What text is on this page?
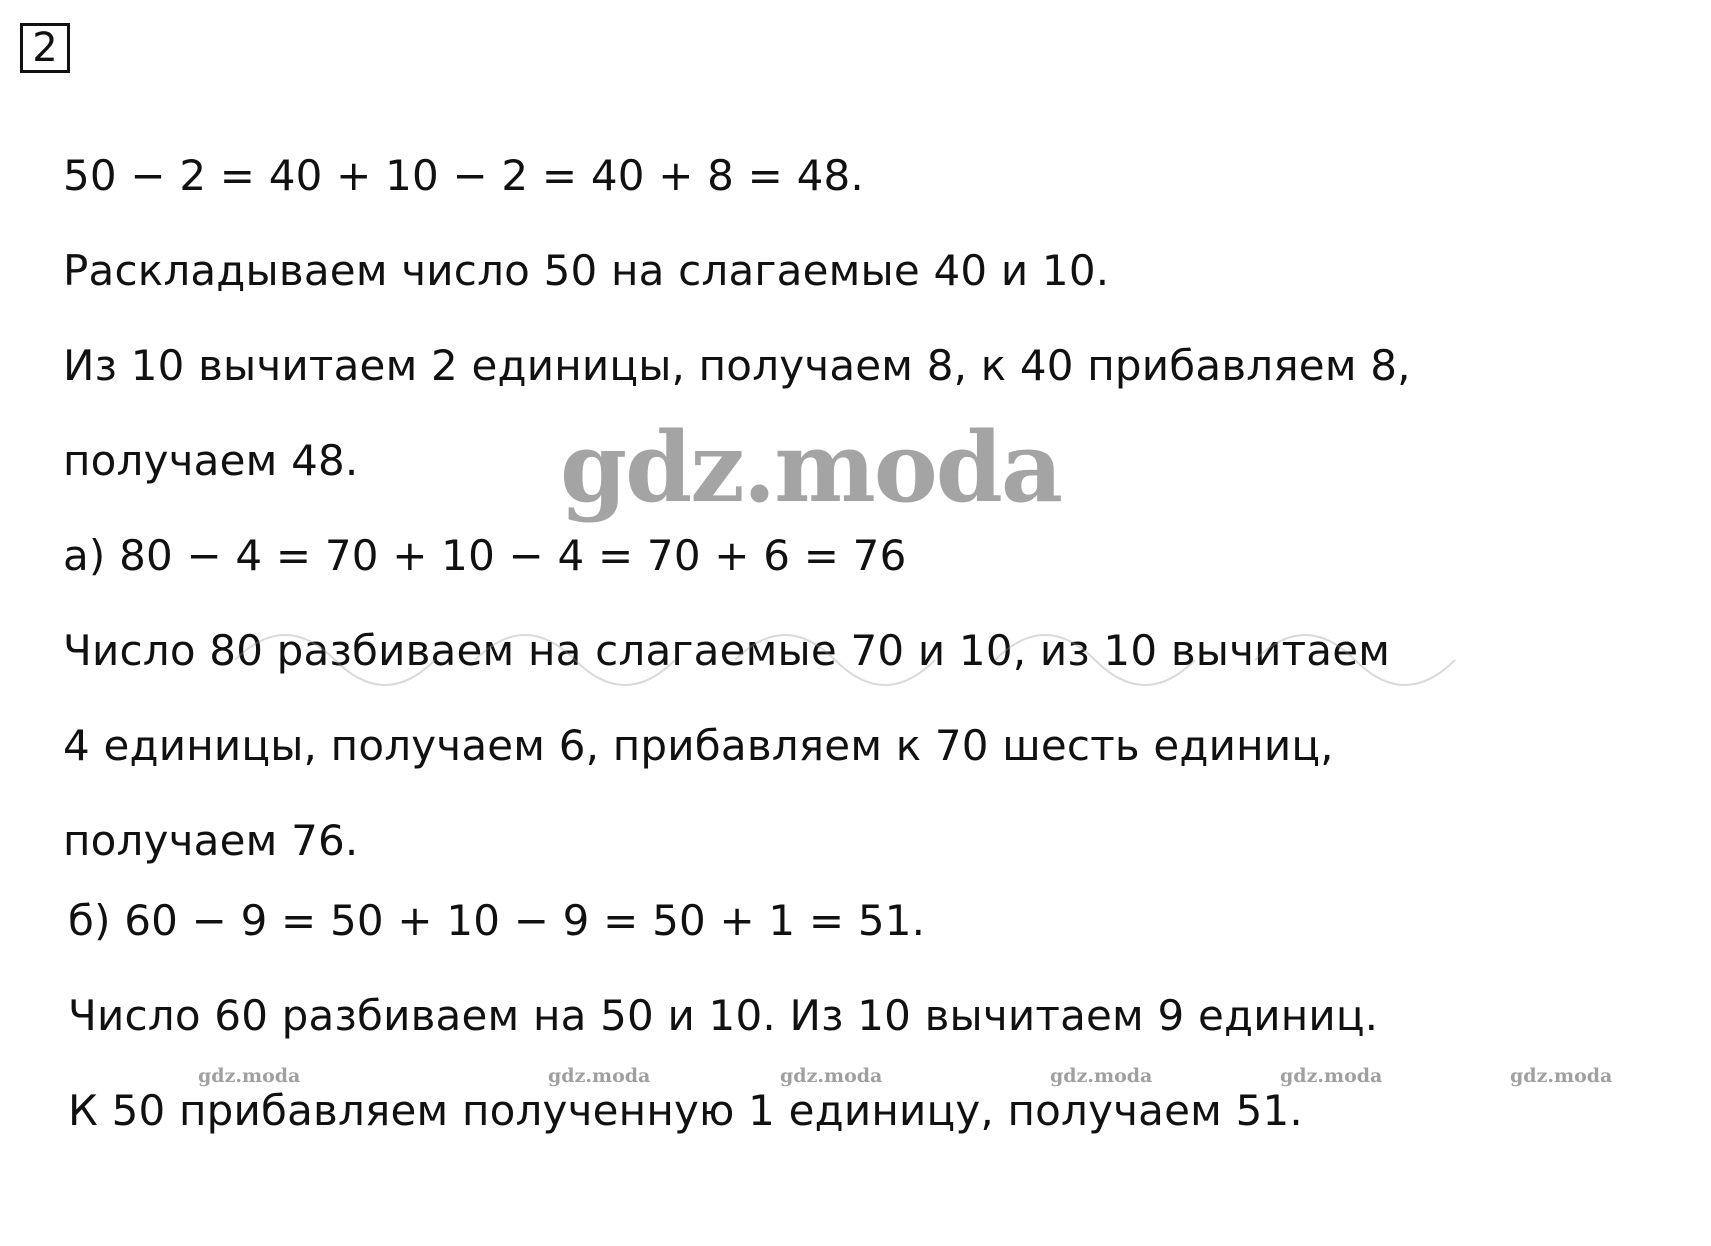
2
50 − 2 = 40 + 10 − 2 = 40 + 8 = 48.
Раскладываем число 50 на слагаемые 40 и 10.
Из 10 вычитаем 2 единицы, получаем 8, к 40 прибавляем 8,
получаем 48.
а) 80 − 4 = 70 + 10 − 4 = 70 + 6 = 76
Число 80 разбиваем на слагаемые 70 и 10, из 10 вычитаем
4 единицы, получаем 6, прибавляем к 70 шесть единиц,
получаем 76.
б) 60 − 9 = 50 + 10 − 9 = 50 + 1 = 51.
Число 60 разбиваем на 50 и 10. Из 10 вычитаем 9 единиц.
К 50 прибавляем полученную 1 единицу, получаем 51.
gdz.moda
gdz.moda	gdz.moda	gdz.moda	gdz.moda	gdz.moda	gdz.moda
